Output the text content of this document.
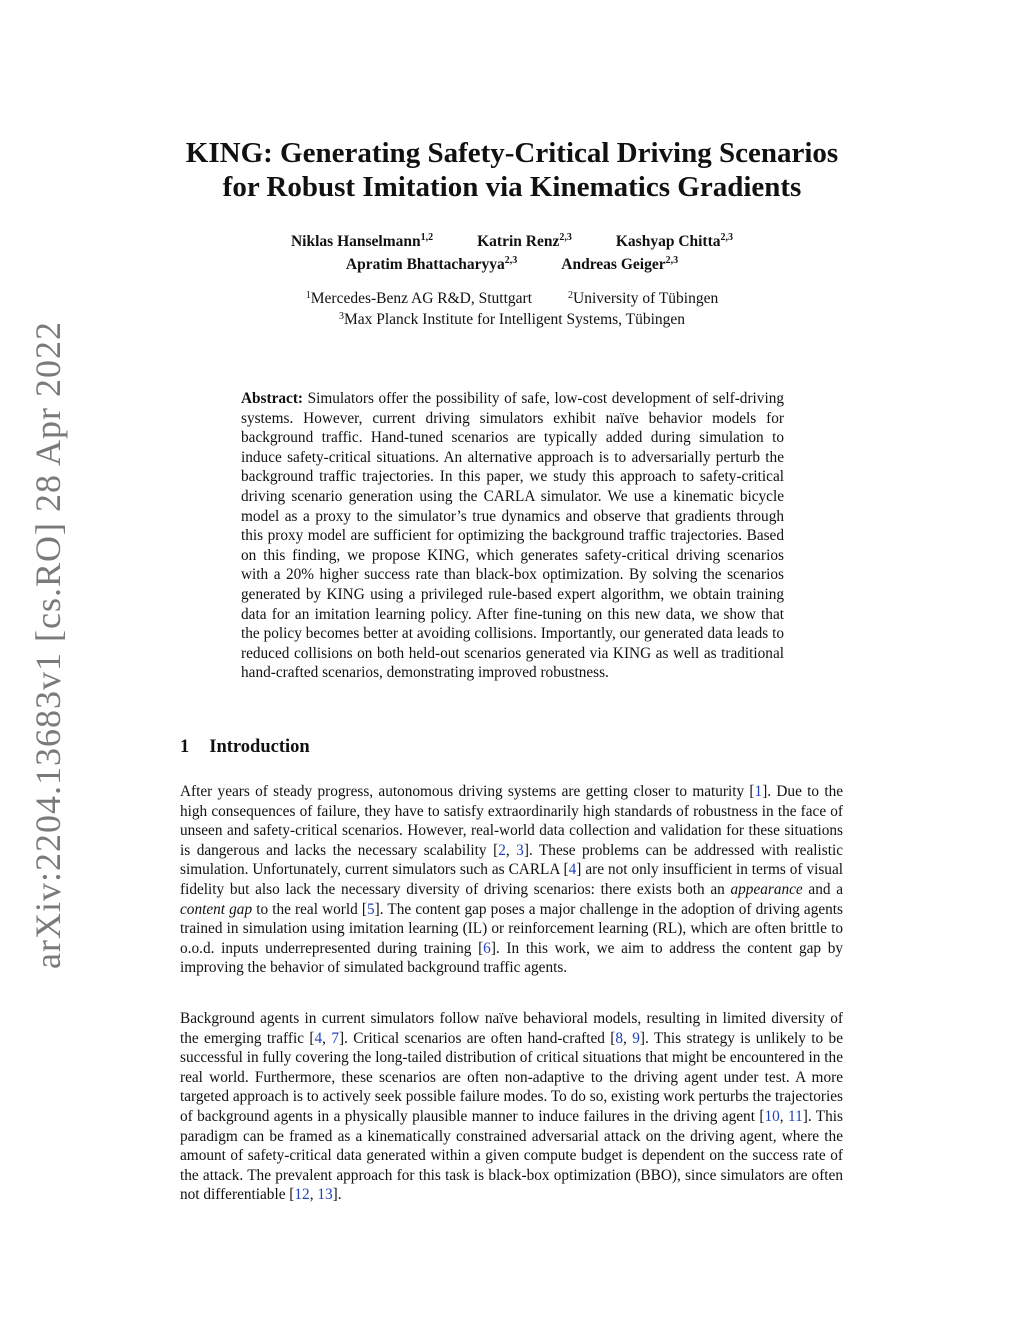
arXiv:2204.13683v1 [cs.RO] 28 Apr 2022
KING: Generating Safety-Critical Driving Scenarios
for Robust Imitation via Kinematics Gradients
Niklas Hanselmann$^{1,2}$	Katrin Renz$^{2,3}$	Kashyap Chitta$^{2,3}$
Apratim Bhattacharyya$^{2,3}$	Andreas Geiger$^{2,3}$
$^1$Mercedes-Benz AG R&D, Stuttgart	$^2$University of Tübingen
$^3$Max Planck Institute for Intelligent Systems, Tübingen
Abstract: Simulators offer the possibility of safe, low-cost development of self-driving systems. However, current driving simulators exhibit naïve behavior models for background traffic. Hand-tuned scenarios are typically added during simulation to induce safety-critical situations. An alternative approach is to adversarially perturb the background traffic trajectories. In this paper, we study this approach to safety-critical driving scenario generation using the CARLA simulator. We use a kinematic bicycle model as a proxy to the simulator’s true dynamics and observe that gradients through this proxy model are sufficient for optimizing the background traffic trajectories. Based on this finding, we propose KING, which generates safety-critical driving scenarios with a 20% higher success rate than black-box optimization. By solving the scenarios generated by KING using a privileged rule-based expert algorithm, we obtain training data for an imitation learning policy. After fine-tuning on this new data, we show that the policy becomes better at avoiding collisions. Importantly, our generated data leads to reduced collisions on both held-out scenarios generated via KING as well as traditional hand-crafted scenarios, demonstrating improved robustness.
1 Introduction

After years of steady progress, autonomous driving systems are getting closer to maturity [1]. Due to the high consequences of failure, they have to satisfy extraordinarily high standards of robustness in the face of unseen and safety-critical scenarios. However, real-world data collection and validation for these situations is dangerous and lacks the necessary scalability [2, 3]. These problems can be addressed with realistic simulation. Unfortunately, current simulators such as CARLA [4] are not only insufficient in terms of visual fidelity but also lack the necessary diversity of driving scenarios: there exists both an appearance and a content gap to the real world [5]. The content gap poses a major challenge in the adoption of driving agents trained in simulation using imitation learning (IL) or reinforcement learning (RL), which are often brittle to o.o.d. inputs underrepresented during training [6]. In this work, we aim to address the content gap by improving the behavior of simulated background traffic agents.

Background agents in current simulators follow naïve behavioral models, resulting in limited diversity of the emerging traffic [4, 7]. Critical scenarios are often hand-crafted [8, 9]. This strategy is unlikely to be successful in fully covering the long-tailed distribution of critical situations that might be encountered in the real world. Furthermore, these scenarios are often non-adaptive to the driving agent under test. A more targeted approach is to actively seek possible failure modes. To do so, existing work perturbs the trajectories of background agents in a physically plausible manner to induce failures in the driving agent [10, 11]. This paradigm can be framed as a kinematically constrained adversarial attack on the driving agent, where the amount of safety-critical data generated within a given compute budget is dependent on the success rate of the attack. The prevalent approach for this task is black-box optimization (BBO), since simulators are often not differentiable [12, 13].
